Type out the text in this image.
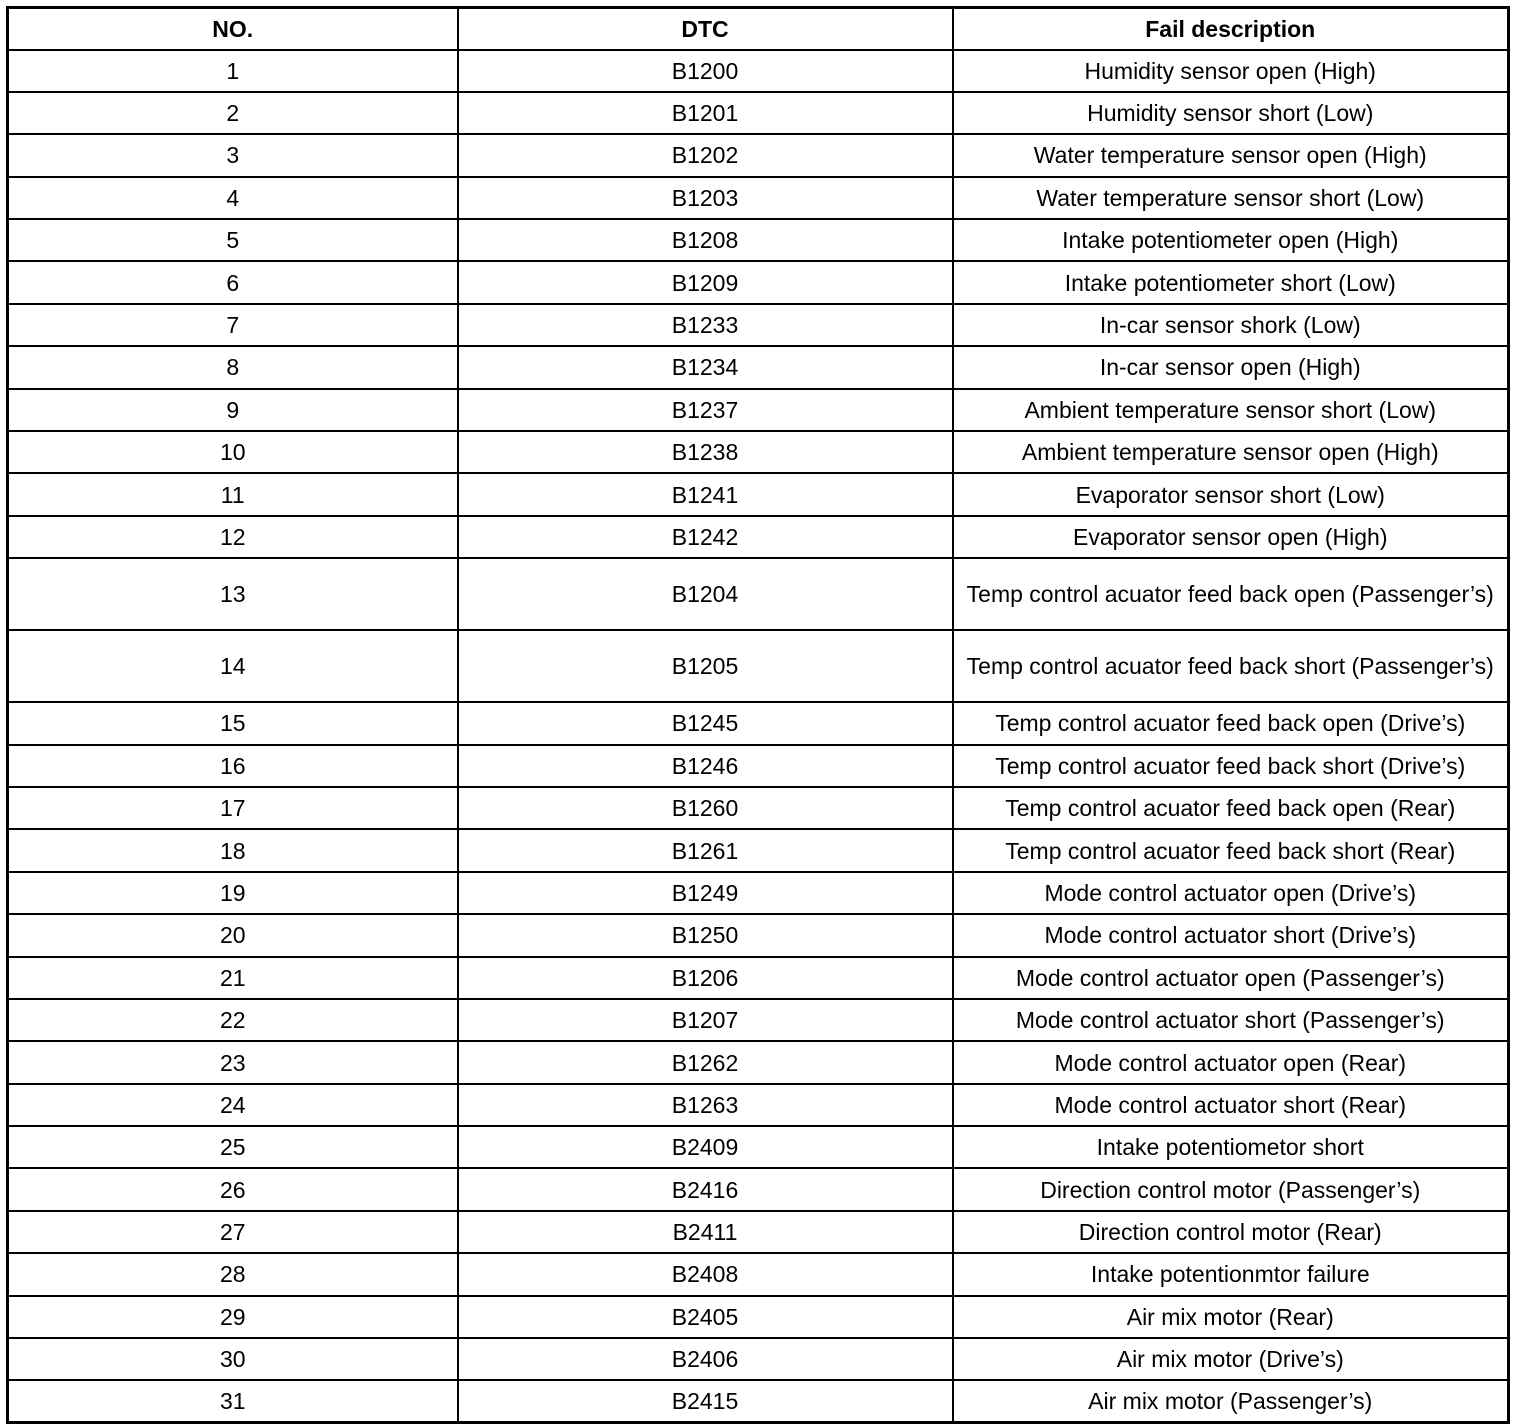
NO.	DTC	Fail description
1	B1200	Humidity sensor open (High)
2	B1201	Humidity sensor short (Low)
3	B1202	Water temperature sensor open (High)
4	B1203	Water temperature sensor short (Low)
5	B1208	Intake potentiometer open (High)
6	B1209	Intake potentiometer short (Low)
7	B1233	In-car sensor shork (Low)
8	B1234	In-car sensor open (High)
9	B1237	Ambient temperature sensor short (Low)
10	B1238	Ambient temperature sensor open (High)
11	B1241	Evaporator sensor short (Low)
12	B1242	Evaporator sensor open (High)
13	B1204	Temp control acuator feed back open (Passenger’s)
14	B1205	Temp control acuator feed back short (Passenger’s)
15	B1245	Temp control acuator feed back open (Drive’s)
16	B1246	Temp control acuator feed back short (Drive’s)
17	B1260	Temp control acuator feed back open (Rear)
18	B1261	Temp control acuator feed back short (Rear)
19	B1249	Mode control actuator open (Drive’s)
20	B1250	Mode control actuator short (Drive’s)
21	B1206	Mode control actuator open (Passenger’s)
22	B1207	Mode control actuator short (Passenger’s)
23	B1262	Mode control actuator open (Rear)
24	B1263	Mode control actuator short (Rear)
25	B2409	Intake potentiometor short
26	B2416	Direction control motor (Passenger’s)
27	B2411	Direction control motor (Rear)
28	B2408	Intake potentionmtor failure
29	B2405	Air mix motor (Rear)
30	B2406	Air mix motor (Drive’s)
31	B2415	Air mix motor (Passenger’s)
